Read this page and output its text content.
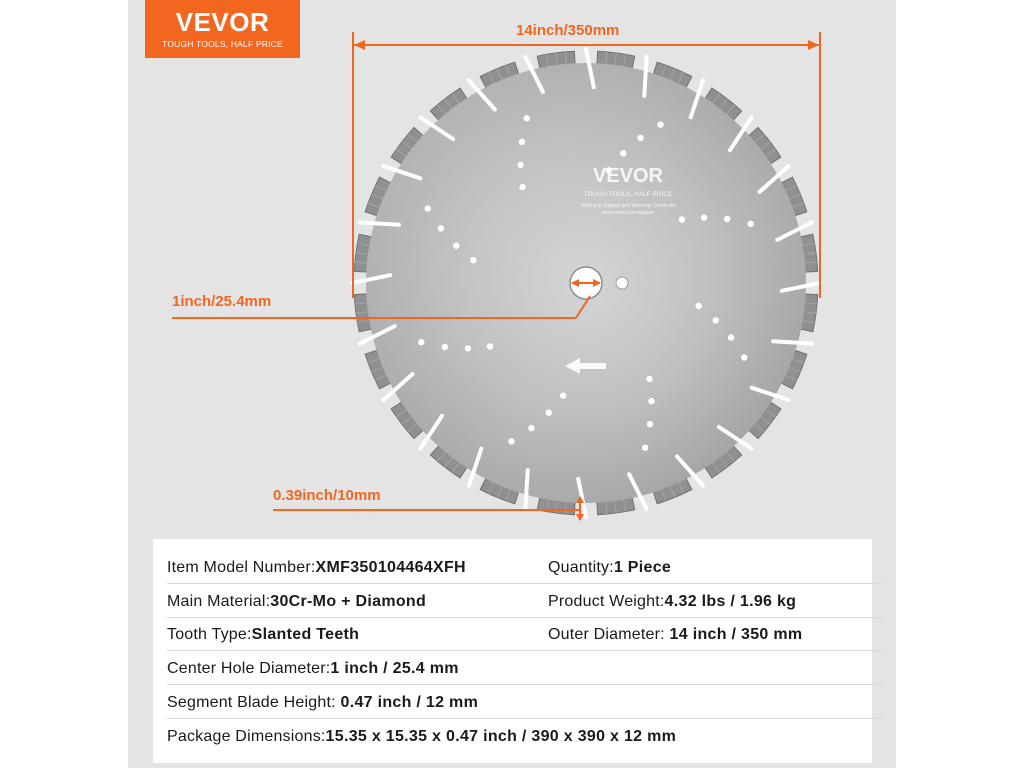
VEVOR
TOUGH TOOLS, HALF PRICE
VEVOR
TOUGH TOOLS, HALF PRICE
Technical Support and Warranty Certificate
www.vevor.com/support
14inch/350mm
1inch/25.4mm
0.39inch/10mm
Item Model Number:XMF350104464XFH	Quantity:1 Piece
Main Material:30Cr-Mo + Diamond	Product Weight:4.32 lbs / 1.96 kg
Tooth Type:Slanted Teeth	Outer Diameter: 14 inch / 350 mm
Center Hole Diameter:1 inch / 25.4 mm
Segment Blade Height: 0.47 inch / 12 mm
Package Dimensions:15.35 x 15.35 x 0.47 inch / 390 x 390 x 12 mm
